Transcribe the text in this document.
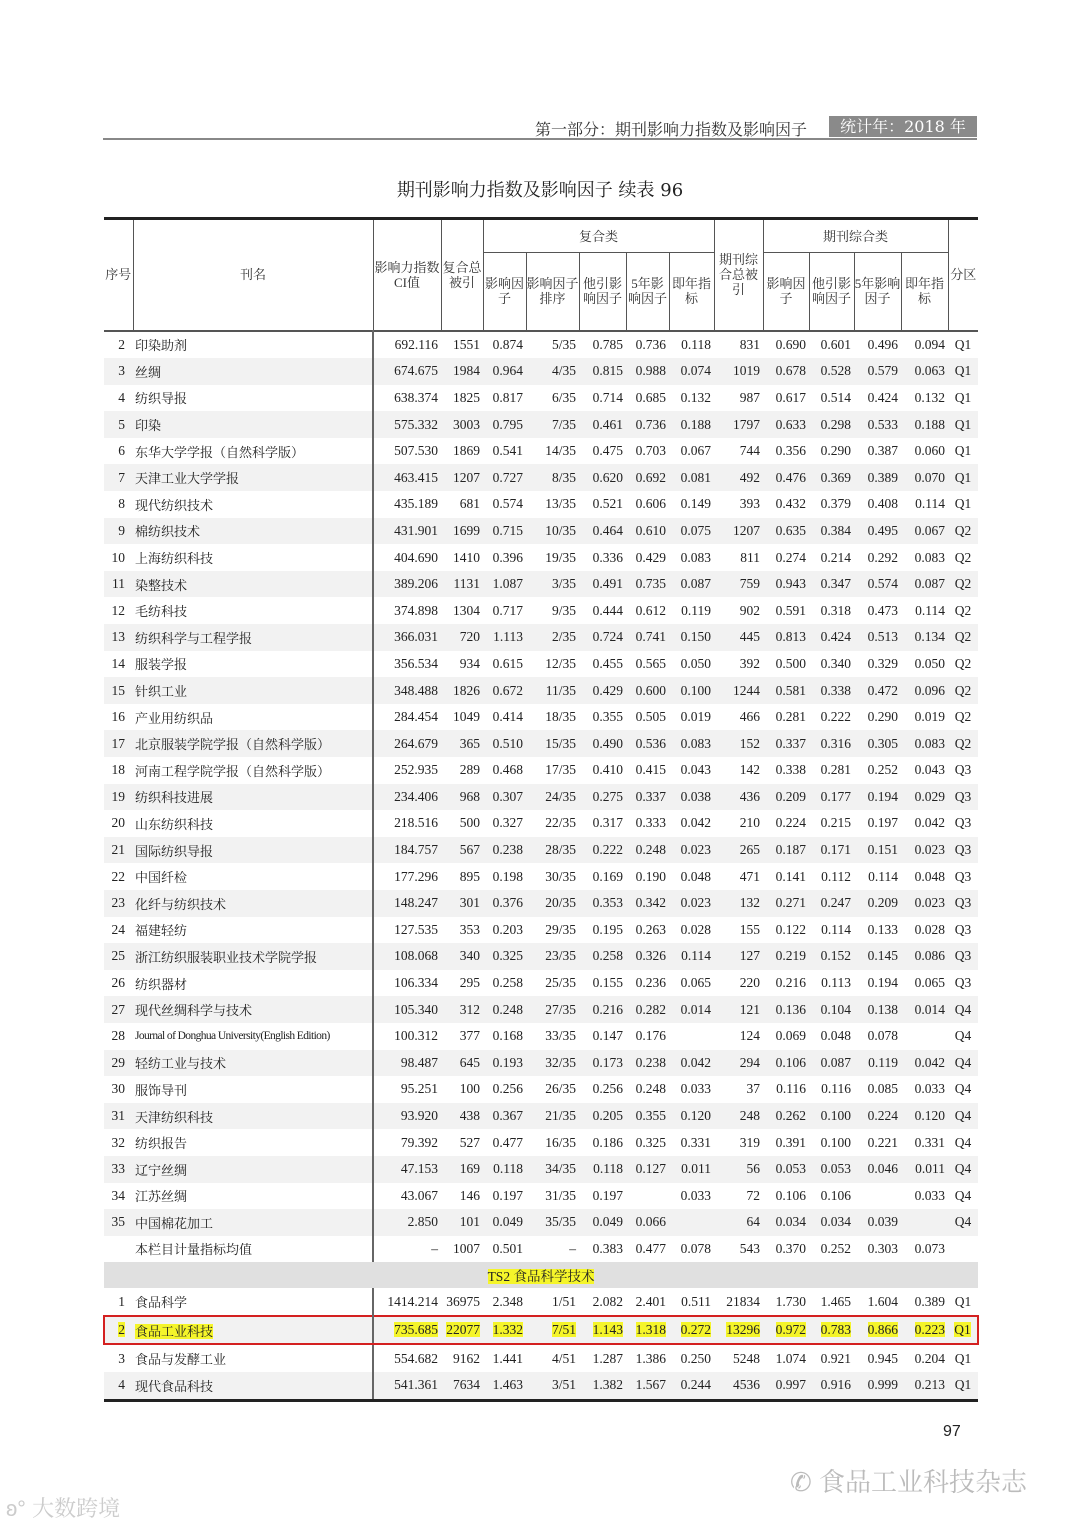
第一部分：期刊影响力指数及影响因子	统计年：2018 年
期刊影响力指数及影响因子 续表 96
序号	刊名	影响力指数CI值	复合总被引	复合类					期刊综合总被引	期刊综合类				分区
				影响因子	影响因子排序	他引影响因子	5年影响因子	即年指标		影响因子	他引影响因子	5年影响因子	即年指标	
2	印染助剂	692.116	1551	0.874	5/35	0.785	0.736	0.118	831	0.690	0.601	0.496	0.094	Q1
3	丝绸	674.675	1984	0.964	4/35	0.815	0.988	0.074	1019	0.678	0.528	0.579	0.063	Q1
4	纺织导报	638.374	1825	0.817	6/35	0.714	0.685	0.132	987	0.617	0.514	0.424	0.132	Q1
5	印染	575.332	3003	0.795	7/35	0.461	0.736	0.188	1797	0.633	0.298	0.533	0.188	Q1
6	东华大学学报（自然科学版）	507.530	1869	0.541	14/35	0.475	0.703	0.067	744	0.356	0.290	0.387	0.060	Q1
7	天津工业大学学报	463.415	1207	0.727	8/35	0.620	0.692	0.081	492	0.476	0.369	0.389	0.070	Q1
8	现代纺织技术	435.189	681	0.574	13/35	0.521	0.606	0.149	393	0.432	0.379	0.408	0.114	Q1
9	棉纺织技术	431.901	1699	0.715	10/35	0.464	0.610	0.075	1207	0.635	0.384	0.495	0.067	Q2
10	上海纺织科技	404.690	1410	0.396	19/35	0.336	0.429	0.083	811	0.274	0.214	0.292	0.083	Q2
11	染整技术	389.206	1131	1.087	3/35	0.491	0.735	0.087	759	0.943	0.347	0.574	0.087	Q2
12	毛纺科技	374.898	1304	0.717	9/35	0.444	0.612	0.119	902	0.591	0.318	0.473	0.114	Q2
13	纺织科学与工程学报	366.031	720	1.113	2/35	0.724	0.741	0.150	445	0.813	0.424	0.513	0.134	Q2
14	服装学报	356.534	934	0.615	12/35	0.455	0.565	0.050	392	0.500	0.340	0.329	0.050	Q2
15	针织工业	348.488	1826	0.672	11/35	0.429	0.600	0.100	1244	0.581	0.338	0.472	0.096	Q2
16	产业用纺织品	284.454	1049	0.414	18/35	0.355	0.505	0.019	466	0.281	0.222	0.290	0.019	Q2
17	北京服装学院学报（自然科学版）	264.679	365	0.510	15/35	0.490	0.536	0.083	152	0.337	0.316	0.305	0.083	Q2
18	河南工程学院学报（自然科学版）	252.935	289	0.468	17/35	0.410	0.415	0.043	142	0.338	0.281	0.252	0.043	Q3
19	纺织科技进展	234.406	968	0.307	24/35	0.275	0.337	0.038	436	0.209	0.177	0.194	0.029	Q3
20	山东纺织科技	218.516	500	0.327	22/35	0.317	0.333	0.042	210	0.224	0.215	0.197	0.042	Q3
21	国际纺织导报	184.757	567	0.238	28/35	0.222	0.248	0.023	265	0.187	0.171	0.151	0.023	Q3
22	中国纤检	177.296	895	0.198	30/35	0.169	0.190	0.048	471	0.141	0.112	0.114	0.048	Q3
23	化纤与纺织技术	148.247	301	0.376	20/35	0.353	0.342	0.023	132	0.271	0.247	0.209	0.023	Q3
24	福建轻纺	127.535	353	0.203	29/35	0.195	0.263	0.028	155	0.122	0.114	0.133	0.028	Q3
25	浙江纺织服装职业技术学院学报	108.068	340	0.325	23/35	0.258	0.326	0.114	127	0.219	0.152	0.145	0.086	Q3
26	纺织器材	106.334	295	0.258	25/35	0.155	0.236	0.065	220	0.216	0.113	0.194	0.065	Q3
27	现代丝绸科学与技术	105.340	312	0.248	27/35	0.216	0.282	0.014	121	0.136	0.104	0.138	0.014	Q4
28	Journal of Donghua University(English Edition)	100.312	377	0.168	33/35	0.147	0.176		124	0.069	0.048	0.078		Q4
29	轻纺工业与技术	98.487	645	0.193	32/35	0.173	0.238	0.042	294	0.106	0.087	0.119	0.042	Q4
30	服饰导刊	95.251	100	0.256	26/35	0.256	0.248	0.033	37	0.116	0.116	0.085	0.033	Q4
31	天津纺织科技	93.920	438	0.367	21/35	0.205	0.355	0.120	248	0.262	0.100	0.224	0.120	Q4
32	纺织报告	79.392	527	0.477	16/35	0.186	0.325	0.331	319	0.391	0.100	0.221	0.331	Q4
33	辽宁丝绸	47.153	169	0.118	34/35	0.118	0.127	0.011	56	0.053	0.053	0.046	0.011	Q4
34	江苏丝绸	43.067	146	0.197	31/35	0.197		0.033	72	0.106	0.106		0.033	Q4
35	中国棉花加工	2.850	101	0.049	35/35	0.049	0.066		64	0.034	0.034	0.039		Q4
	本栏目计量指标均值	–	1007	0.501	–	0.383	0.477	0.078	543	0.370	0.252	0.303	0.073	
TS2 食品科学技术														
1	食品科学	1414.214	36975	2.348	1/51	2.082	2.401	0.511	21834	1.730	1.465	1.604	0.389	Q1
2	食品工业科技	735.685	22077	1.332	7/51	1.143	1.318	0.272	13296	0.972	0.783	0.866	0.223	Q1
3	食品与发酵工业	554.682	9162	1.441	4/51	1.287	1.386	0.250	5248	1.074	0.921	0.945	0.204	Q1
4	现代食品科技	541.361	7634	1.463	3/51	1.382	1.567	0.244	4536	0.997	0.916	0.999	0.213	Q1
97
✆ 食品工业科技杂志
ʚ° 大数跨境
